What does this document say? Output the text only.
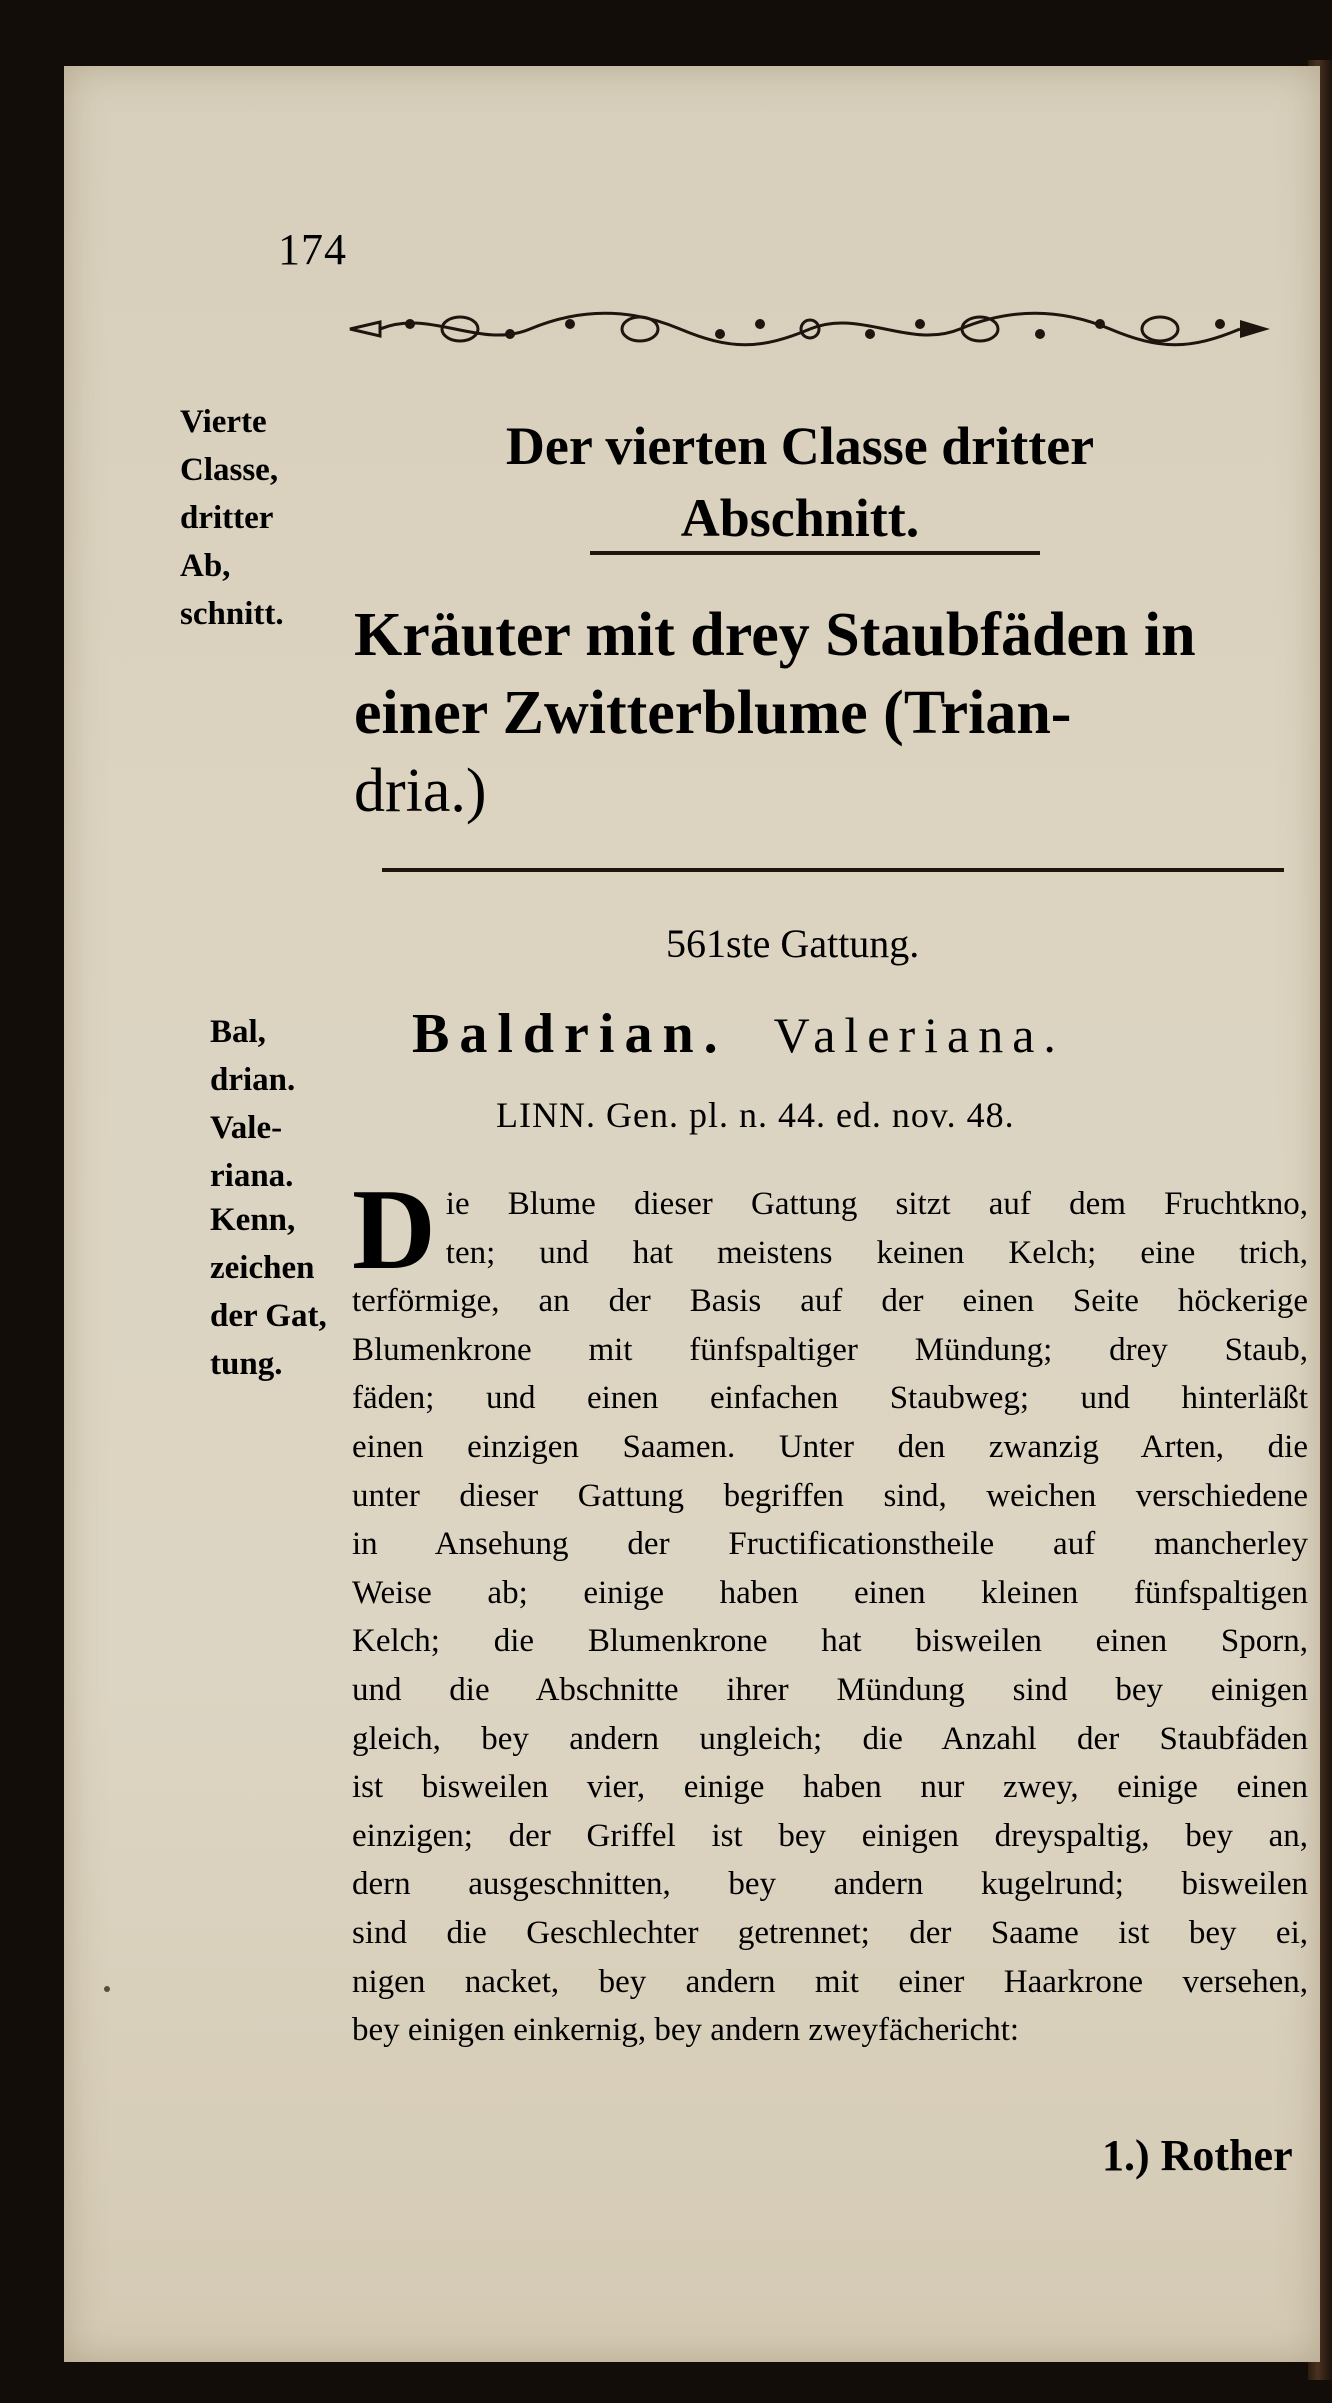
174
Vierte
Classe,
dritter
Ab,
schnitt.
Der vierten Classe dritter
Abschnitt.
Kräuter mit drey Staubfäden in
einer Zwitterblume (Trian-
dria.)
561ste Gattung.
Bal,
drian.
Vale-
riana.
Baldrian. Valeriana.
LINN. Gen. pl. n. 44. ed. nov. 48.
Kenn,
zeichen
der Gat,
tung.
D ie Blume dieser Gattung sitzt auf dem Fruchtkno,
ten; und hat meistens keinen Kelch; eine trich,
terförmige, an der Basis auf der einen Seite höckerige
Blumenkrone mit fünfspaltiger Mündung; drey Staub,
fäden; und einen einfachen Staubweg; und hinterläßt
einen einzigen Saamen. Unter den zwanzig Arten, die
unter dieser Gattung begriffen sind, weichen verschiedene
in Ansehung der Fructificationstheile auf mancherley
Weise ab; einige haben einen kleinen fünfspaltigen
Kelch; die Blumenkrone hat bisweilen einen Sporn,
und die Abschnitte ihrer Mündung sind bey einigen
gleich, bey andern ungleich; die Anzahl der Staubfäden
ist bisweilen vier, einige haben nur zwey, einige einen
einzigen; der Griffel ist bey einigen dreyspaltig, bey an,
dern ausgeschnitten, bey andern kugelrund; bisweilen
sind die Geschlechter getrennet; der Saame ist bey ei,
nigen nacket, bey andern mit einer Haarkrone versehen,
bey einigen einkernig, bey andern zweyfächericht:
1.) Rother
